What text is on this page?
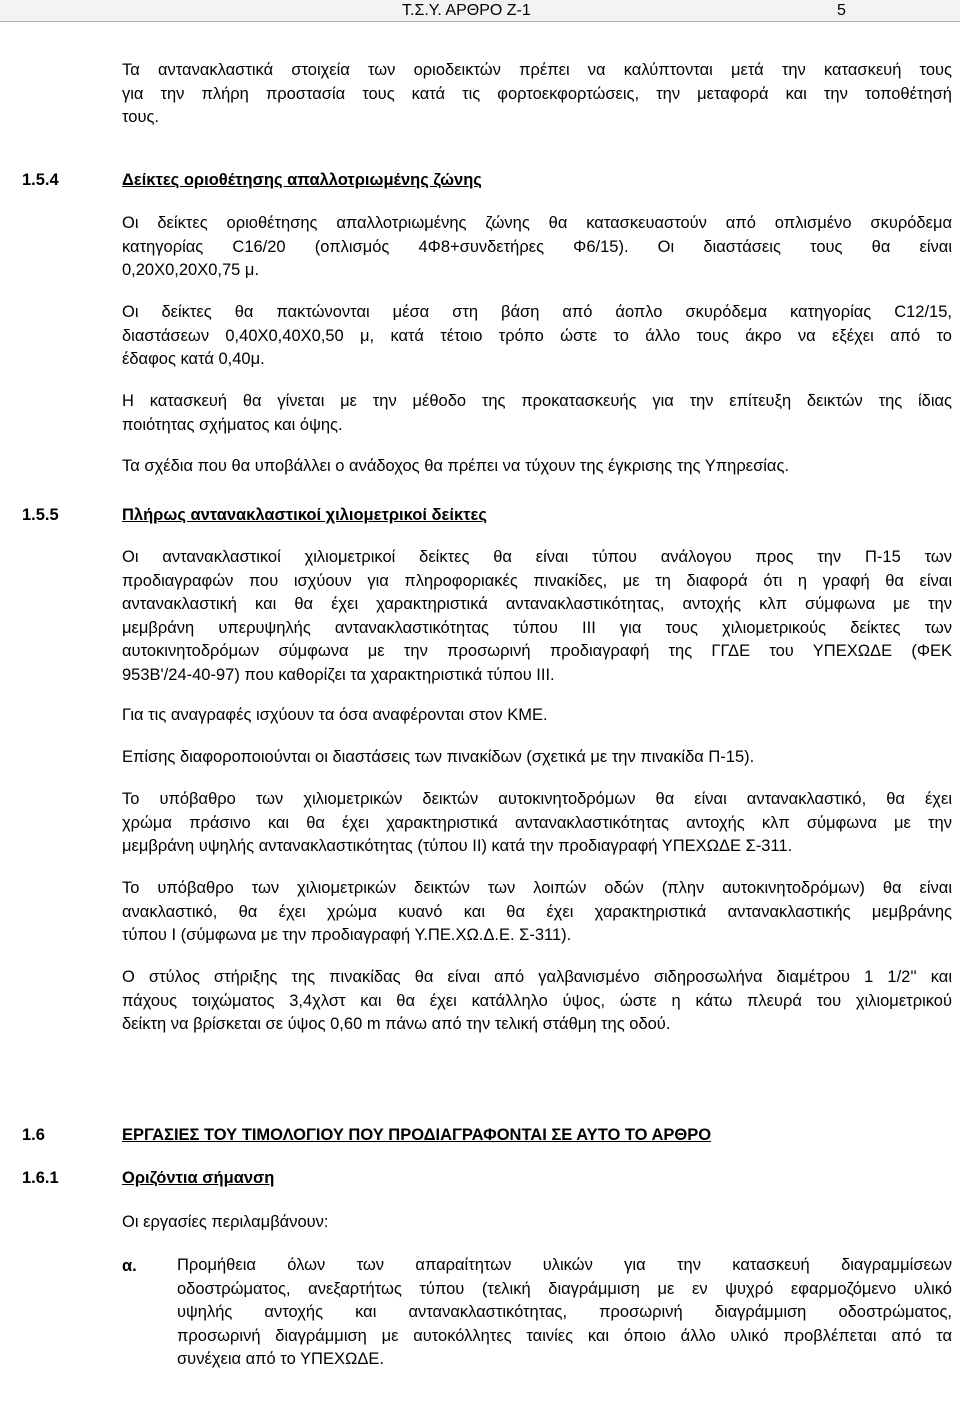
Τ.Σ.Υ. ΑΡΘΡΟ Ζ-1	5
Τα αντανακλαστικά στοιχεία των οριοδεικτών πρέπει να καλύπτονται μετά την κατασκευή τους
για την πλήρη προστασία τους κατά τις φορτοεκφορτώσεις, την μεταφορά και την τοποθέτησή
τους.
1.5.4	Δείκτες οριοθέτησης απαλλοτριωμένης ζώνης
Οι δείκτες οριοθέτησης απαλλοτριωμένης ζώνης θα κατασκευαστούν από οπλισμένο σκυρόδεμα
κατηγορίας C16/20 (οπλισμός 4Φ8+συνδετήρες Φ6/15). Οι διαστάσεις τους θα είναι
0,20Χ0,20Χ0,75 μ.
Οι δείκτες θα πακτώνονται μέσα στη βάση από άοπλο σκυρόδεμα κατηγορίας C12/15,
διαστάσεων 0,40Χ0,40Χ0,50 μ, κατά τέτοιο τρόπο ώστε το άλλο τους άκρο να εξέχει από το
έδαφος κατά 0,40μ.
Η κατασκευή θα γίνεται με την μέθοδο της προκατασκευής για την επίτευξη δεικτών της ίδιας
ποιότητας σχήματος και όψης.
Τα σχέδια που θα υποβάλλει ο ανάδοχος θα πρέπει να τύχουν της έγκρισης της Υπηρεσίας.
1.5.5	Πλήρως αντανακλαστικοί χιλιομετρικοί δείκτες
Οι αντανακλαστικοί χιλιομετρικοί δείκτες θα είναι τύπου ανάλογου προς την Π-15 των
προδιαγραφών που ισχύουν για πληροφοριακές πινακίδες, με τη διαφορά ότι η γραφή θα είναι
αντανακλαστική και θα έχει χαρακτηριστικά αντανακλαστικότητας, αντοχής κλπ σύμφωνα με την
μεμβράνη υπερυψηλής αντανακλαστικότητας τύπου ΙΙΙ για τους χιλιομετρικούς δείκτες των
αυτοκινητοδρόμων σύμφωνα με την προσωρινή προδιαγραφή της ΓΓΔΕ του ΥΠΕΧΩΔΕ (ΦΕΚ
953Β'/24-40-97) που καθορίζει τα χαρακτηριστικά τύπου ΙΙΙ.
Για τις αναγραφές ισχύουν τα όσα αναφέρονται στον ΚΜΕ.
Επίσης διαφοροποιούνται οι διαστάσεις των πινακίδων (σχετικά με την πινακίδα Π-15).
Το υπόβαθρο των χιλιομετρικών δεικτών αυτοκινητοδρόμων θα είναι αντανακλαστικό, θα έχει
χρώμα πράσινο και θα έχει χαρακτηριστικά αντανακλαστικότητας αντοχής κλπ σύμφωνα με την
μεμβράνη υψηλής αντανακλαστικότητας (τύπου ΙΙ) κατά την προδιαγραφή ΥΠΕΧΩΔΕ Σ-311.
Το υπόβαθρο των χιλιομετρικών δεικτών των λοιπών οδών (πλην αυτοκινητοδρόμων) θα είναι
ανακλαστικό, θα έχει χρώμα κυανό και θα έχει χαρακτηριστικά αντανακλαστικής μεμβράνης
τύπου Ι (σύμφωνα με την προδιαγραφή Υ.ΠΕ.ΧΩ.Δ.Ε. Σ-311).
Ο στύλος στήριξης της πινακίδας θα είναι από γαλβανισμένο σιδηροσωλήνα διαμέτρου 1 1/2'' και
πάχους τοιχώματος 3,4χλστ και θα έχει κατάλληλο ύψος, ώστε η κάτω πλευρά του χιλιομετρικού
δείκτη να βρίσκεται σε ύψος 0,60 m πάνω από την τελική στάθμη της οδού.
1.6	ΕΡΓΑΣΙΕΣ ΤΟΥ ΤΙΜΟΛΟΓΙΟΥ ΠΟΥ ΠΡΟΔΙΑΓΡΑΦΟΝΤΑΙ ΣΕ ΑΥΤΟ ΤΟ ΑΡΘΡΟ
1.6.1	Οριζόντια σήμανση
Οι εργασίες περιλαμβάνουν:
α. Προμήθεια όλων των απαραίτητων υλικών για την κατασκευή διαγραμμίσεων
οδοστρώματος, ανεξαρτήτως τύπου (τελική διαγράμμιση με εν ψυχρό εφαρμοζόμενο υλικό
υψηλής αντοχής και αντανακλαστικότητας, προσωρινή διαγράμμιση οδοστρώματος,
προσωρινή διαγράμμιση με αυτοκόλλητες ταινίες και όποιο άλλο υλικό προβλέπεται από τα
συνέχεια από το ΥΠΕΧΩΔΕ.
